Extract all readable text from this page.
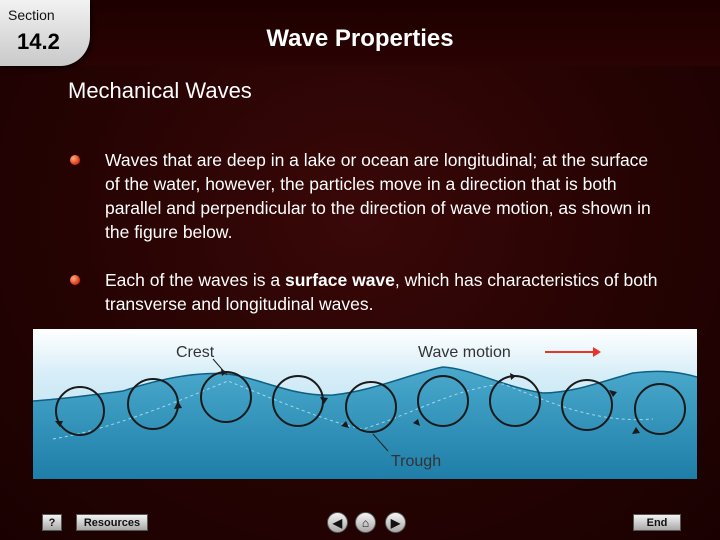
Section
14.2	Wave Properties
Mechanical Waves
Waves that are deep in a lake or ocean are longitudinal; at the surface of the water, however, the particles move in a direction that is both parallel and perpendicular to the direction of wave motion, as shown in the figure below.
Each of the waves is a surface wave, which has characteristics of both transverse and longitudinal waves.
Crest	Wave motion
Trough
?	Resources	◀ ⌂ ▶	End
